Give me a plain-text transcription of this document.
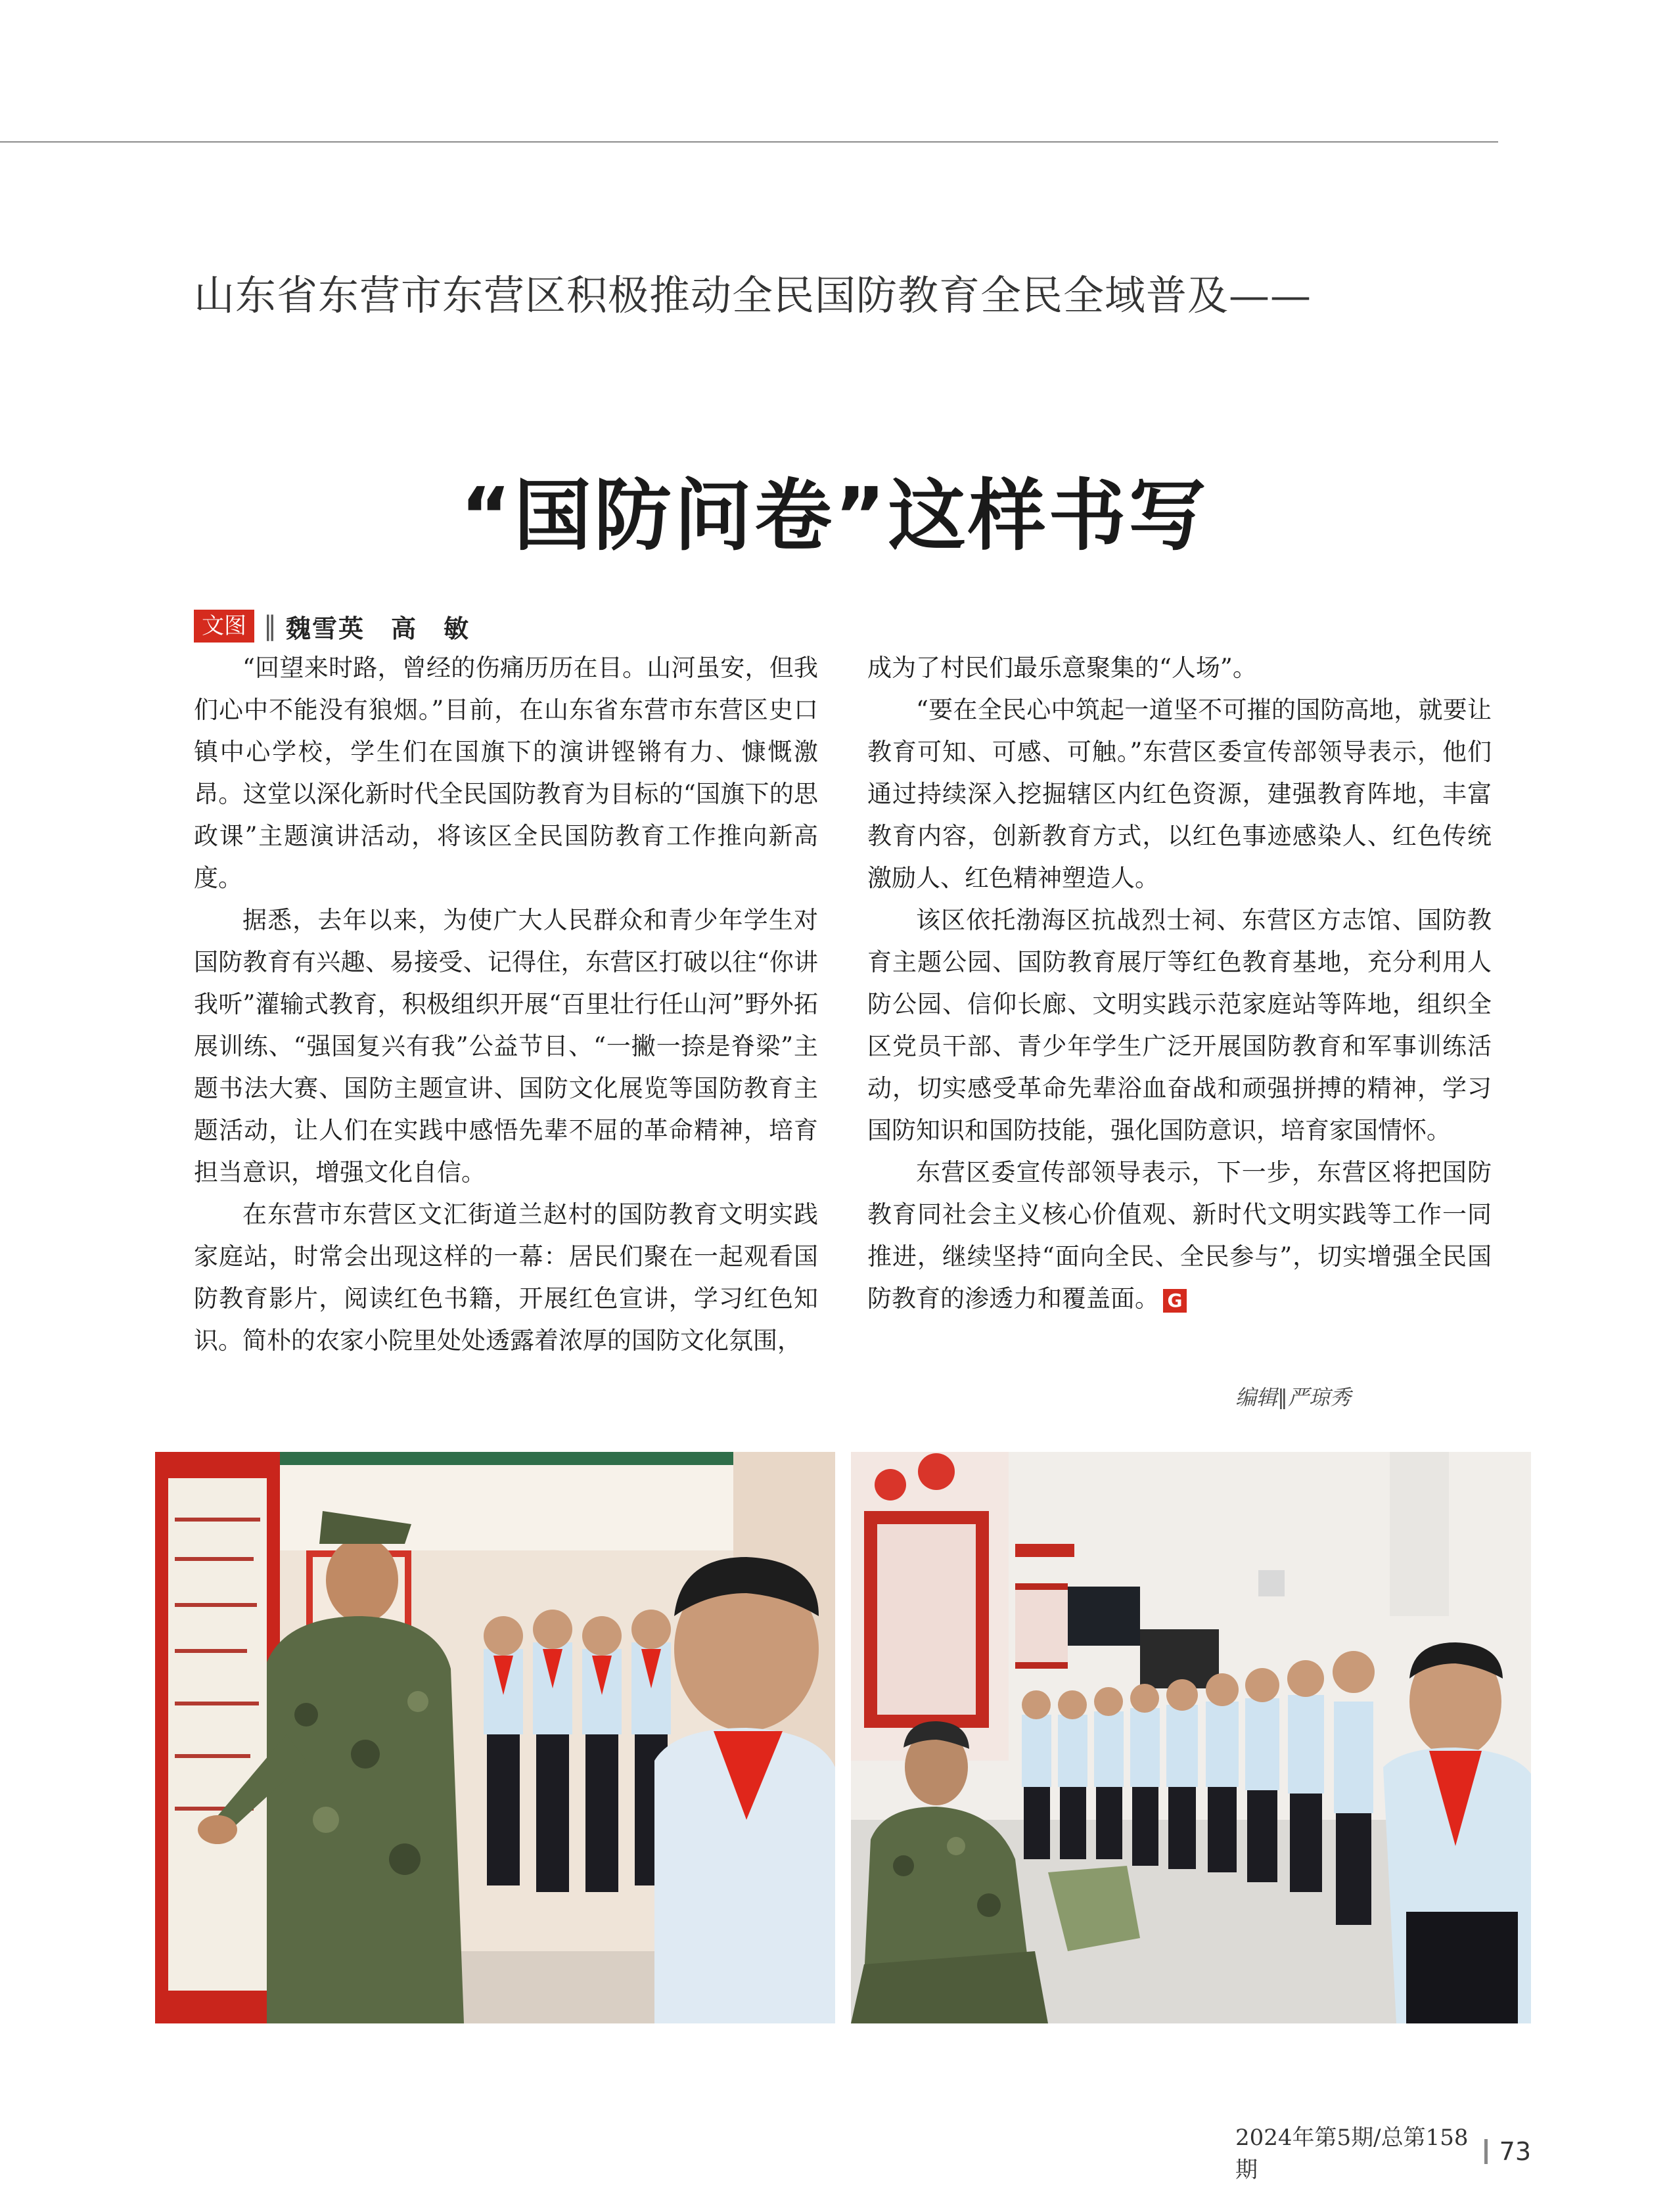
山东省东营市东营区积极推动全民国防教育全民全域普及——
“国防问卷”这样书写
文图 ‖ 魏雪英　高　敏

“回望来时路，曾经的伤痛历历在目。山河虽安，但我们心中不能没有狼烟。”目前，在山东省东营市东营区史口镇中心学校，学生们在国旗下的演讲铿锵有力、慷慨激昂。这堂以深化新时代全民国防教育为目标的“国旗下的思政课”主题演讲活动，将该区全民国防教育工作推向新高度。

据悉，去年以来，为使广大人民群众和青少年学生对国防教育有兴趣、易接受、记得住，东营区打破以往“你讲我听”灌输式教育，积极组织开展“百里壮行任山河”野外拓展训练、“强国复兴有我”公益节目、“一撇一捺是脊梁”主题书法大赛、国防主题宣讲、国防文化展览等国防教育主题活动，让人们在实践中感悟先辈不屈的革命精神，培育担当意识，增强文化自信。

在东营市东营区文汇街道兰赵村的国防教育文明实践家庭站，时常会出现这样的一幕：居民们聚在一起观看国防教育影片，阅读红色书籍，开展红色宣讲，学习红色知识。简朴的农家小院里处处透露着浓厚的国防文化氛围，

成为了村民们最乐意聚集的“人场”。

“要在全民心中筑起一道坚不可摧的国防高地，就要让教育可知、可感、可触。”东营区委宣传部领导表示，他们通过持续深入挖掘辖区内红色资源，建强教育阵地，丰富教育内容，创新教育方式，以红色事迹感染人、红色传统激励人、红色精神塑造人。

该区依托渤海区抗战烈士祠、东营区方志馆、国防教育主题公园、国防教育展厅等红色教育基地，充分利用人防公园、信仰长廊、文明实践示范家庭站等阵地，组织全区党员干部、青少年学生广泛开展国防教育和军事训练活动，切实感受革命先辈浴血奋战和顽强拼搏的精神，学习国防知识和国防技能，强化国防意识，培育家国情怀。

东营区委宣传部领导表示，下一步，东营区将把国防教育同社会主义核心价值观、新时代文明实践等工作一同推进，继续坚持“面向全民、全民参与”，切实增强全民国防教育的渗透力和覆盖面。 G

编辑∥严琼秀
2024年第5期/总第158期
73
